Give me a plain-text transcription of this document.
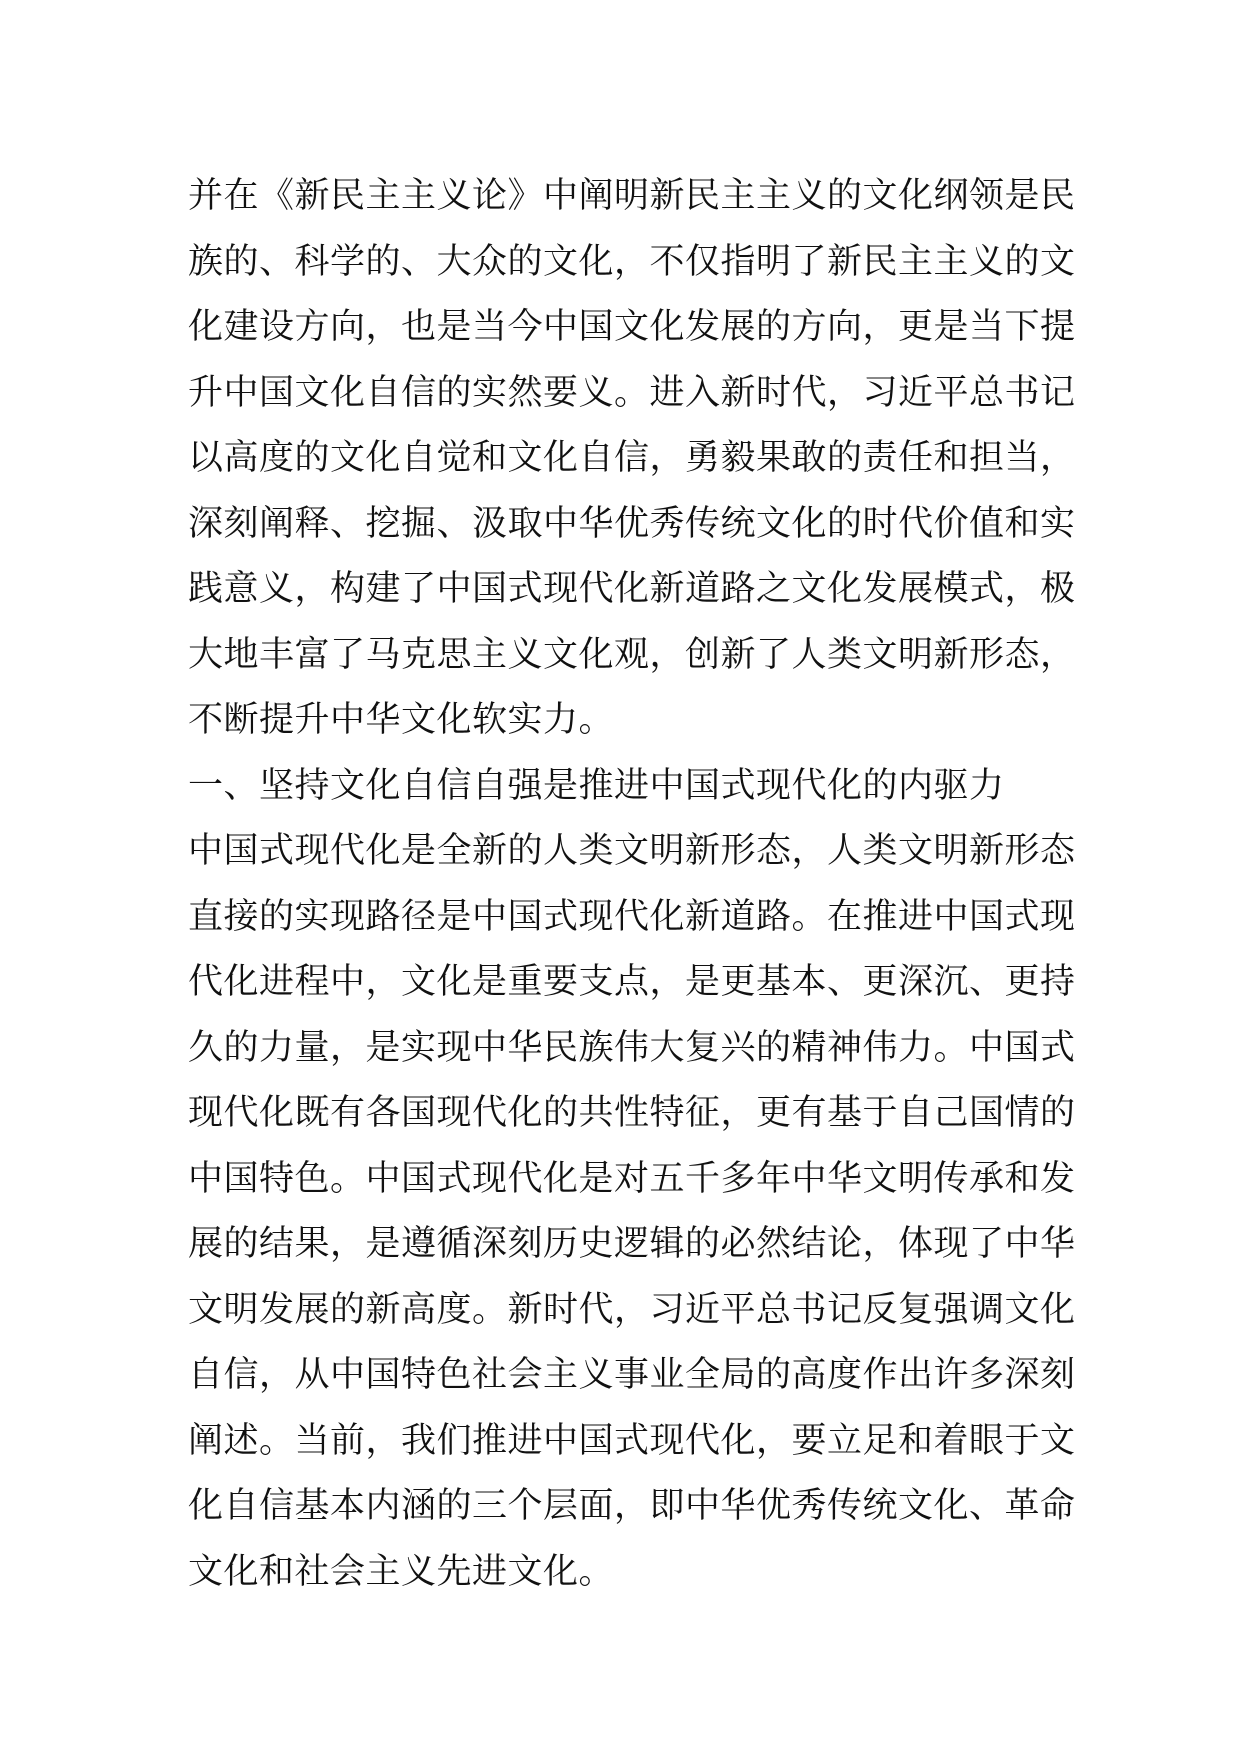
并在《新民主主义论》中阐明新民主主义的文化纲领是民
族的、科学的、大众的文化，不仅指明了新民主主义的文
化建设方向，也是当今中国文化发展的方向，更是当下提
升中国文化自信的实然要义。进入新时代，习近平总书记
以高度的文化自觉和文化自信，勇毅果敢的责任和担当，
深刻阐释、挖掘、汲取中华优秀传统文化的时代价值和实
践意义，构建了中国式现代化新道路之文化发展模式，极
大地丰富了马克思主义文化观，创新了人类文明新形态，
不断提升中华文化软实力。
一、坚持文化自信自强是推进中国式现代化的内驱力
中国式现代化是全新的人类文明新形态，人类文明新形态
直接的实现路径是中国式现代化新道路。在推进中国式现
代化进程中，文化是重要支点，是更基本、更深沉、更持
久的力量，是实现中华民族伟大复兴的精神伟力。中国式
现代化既有各国现代化的共性特征，更有基于自己国情的
中国特色。中国式现代化是对五千多年中华文明传承和发
展的结果，是遵循深刻历史逻辑的必然结论，体现了中华
文明发展的新高度。新时代，习近平总书记反复强调文化
自信，从中国特色社会主义事业全局的高度作出许多深刻
阐述。当前，我们推进中国式现代化，要立足和着眼于文
化自信基本内涵的三个层面，即中华优秀传统文化、革命
文化和社会主义先进文化。
